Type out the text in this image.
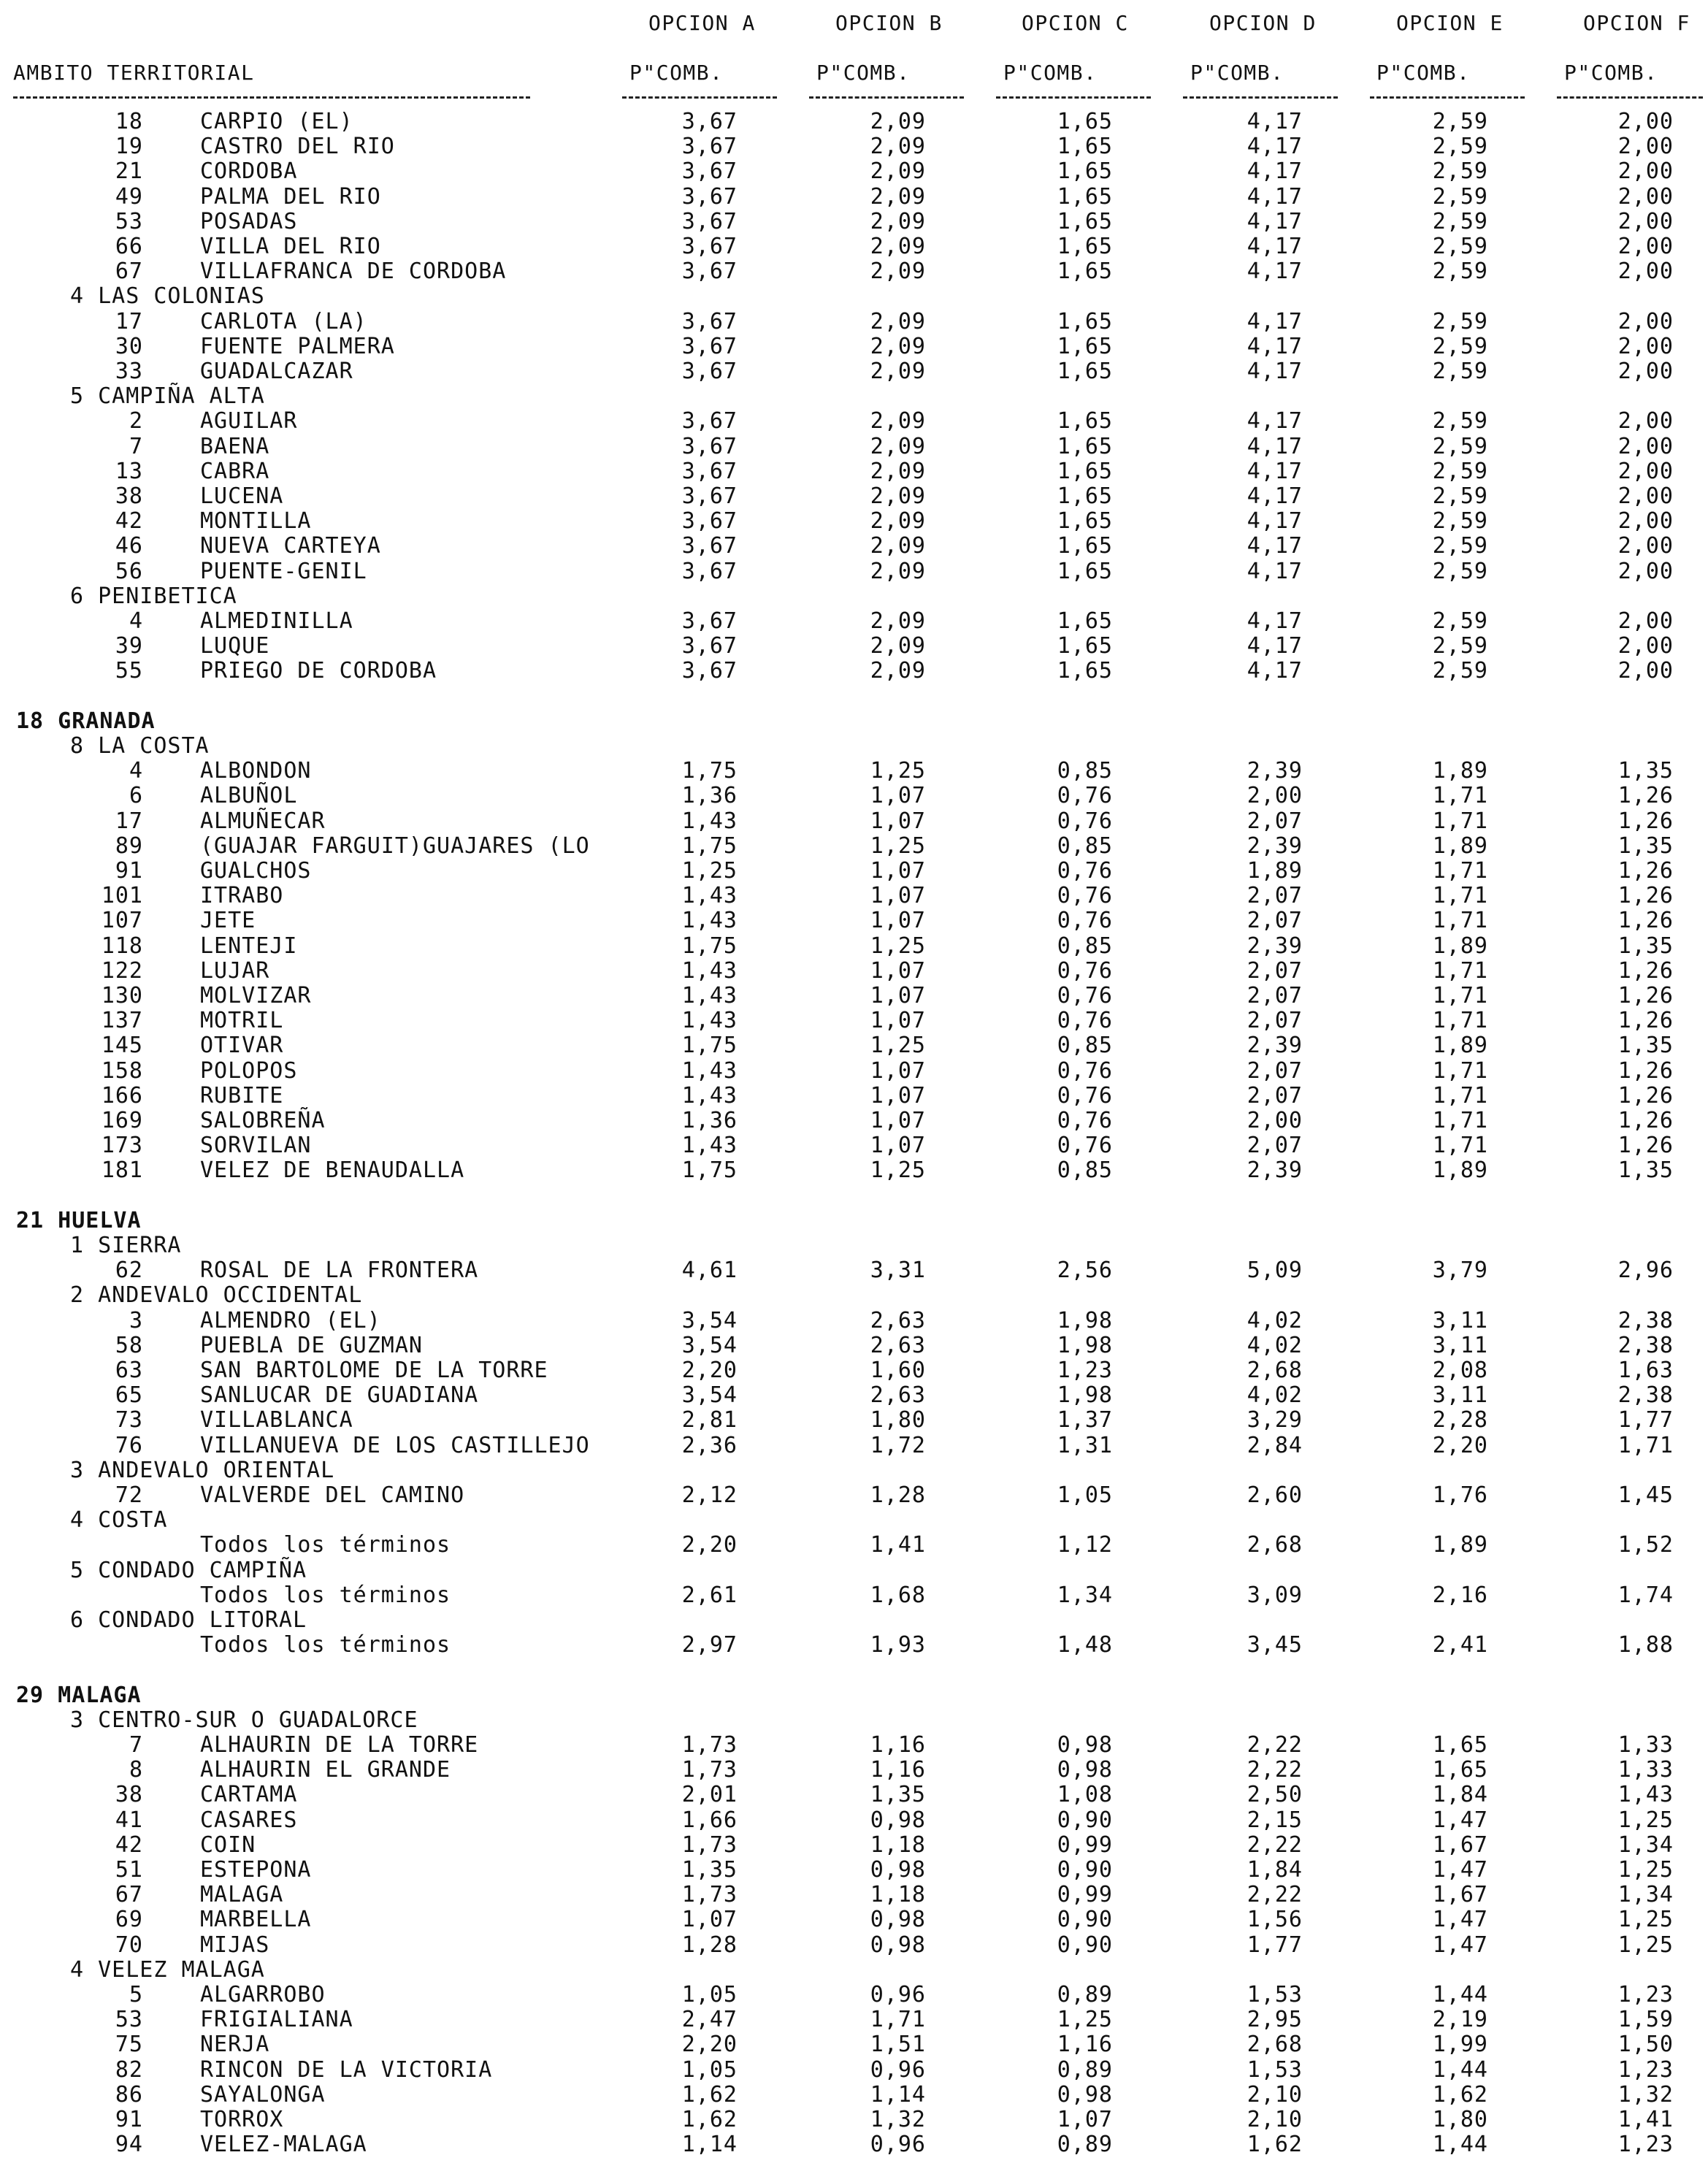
OPCION A	OPCION B	OPCION C	OPCION D	OPCION E	OPCION F
AMBITO TERRITORIAL	P"COMB.	P"COMB.	P"COMB.	P"COMB.	P"COMB.	P"COMB.
18	CARPIO (EL)	3,67	2,09	1,65	4,17	2,59	2,00
19	CASTRO DEL RIO	3,67	2,09	1,65	4,17	2,59	2,00
21	CORDOBA	3,67	2,09	1,65	4,17	2,59	2,00
49	PALMA DEL RIO	3,67	2,09	1,65	4,17	2,59	2,00
53	POSADAS	3,67	2,09	1,65	4,17	2,59	2,00
66	VILLA DEL RIO	3,67	2,09	1,65	4,17	2,59	2,00
67	VILLAFRANCA DE CORDOBA	3,67	2,09	1,65	4,17	2,59	2,00
4 LAS COLONIAS
17	CARLOTA (LA)	3,67	2,09	1,65	4,17	2,59	2,00
30	FUENTE PALMERA	3,67	2,09	1,65	4,17	2,59	2,00
33	GUADALCAZAR	3,67	2,09	1,65	4,17	2,59	2,00
5 CAMPIÑA ALTA
2	AGUILAR	3,67	2,09	1,65	4,17	2,59	2,00
7	BAENA	3,67	2,09	1,65	4,17	2,59	2,00
13	CABRA	3,67	2,09	1,65	4,17	2,59	2,00
38	LUCENA	3,67	2,09	1,65	4,17	2,59	2,00
42	MONTILLA	3,67	2,09	1,65	4,17	2,59	2,00
46	NUEVA CARTEYA	3,67	2,09	1,65	4,17	2,59	2,00
56	PUENTE-GENIL	3,67	2,09	1,65	4,17	2,59	2,00
6 PENIBETICA
4	ALMEDINILLA	3,67	2,09	1,65	4,17	2,59	2,00
39	LUQUE	3,67	2,09	1,65	4,17	2,59	2,00
55	PRIEGO DE CORDOBA	3,67	2,09	1,65	4,17	2,59	2,00
18 GRANADA
8 LA COSTA
4	ALBONDON	1,75	1,25	0,85	2,39	1,89	1,35
6	ALBUÑOL	1,36	1,07	0,76	2,00	1,71	1,26
17	ALMUÑECAR	1,43	1,07	0,76	2,07	1,71	1,26
89	(GUAJAR FARGUIT)GUAJARES (LO	1,75	1,25	0,85	2,39	1,89	1,35
91	GUALCHOS	1,25	1,07	0,76	1,89	1,71	1,26
101	ITRABO	1,43	1,07	0,76	2,07	1,71	1,26
107	JETE	1,43	1,07	0,76	2,07	1,71	1,26
118	LENTEJI	1,75	1,25	0,85	2,39	1,89	1,35
122	LUJAR	1,43	1,07	0,76	2,07	1,71	1,26
130	MOLVIZAR	1,43	1,07	0,76	2,07	1,71	1,26
137	MOTRIL	1,43	1,07	0,76	2,07	1,71	1,26
145	OTIVAR	1,75	1,25	0,85	2,39	1,89	1,35
158	POLOPOS	1,43	1,07	0,76	2,07	1,71	1,26
166	RUBITE	1,43	1,07	0,76	2,07	1,71	1,26
169	SALOBREÑA	1,36	1,07	0,76	2,00	1,71	1,26
173	SORVILAN	1,43	1,07	0,76	2,07	1,71	1,26
181	VELEZ DE BENAUDALLA	1,75	1,25	0,85	2,39	1,89	1,35
21 HUELVA
1 SIERRA
62	ROSAL DE LA FRONTERA	4,61	3,31	2,56	5,09	3,79	2,96
2 ANDEVALO OCCIDENTAL
3	ALMENDRO (EL)	3,54	2,63	1,98	4,02	3,11	2,38
58	PUEBLA DE GUZMAN	3,54	2,63	1,98	4,02	3,11	2,38
63	SAN BARTOLOME DE LA TORRE	2,20	1,60	1,23	2,68	2,08	1,63
65	SANLUCAR DE GUADIANA	3,54	2,63	1,98	4,02	3,11	2,38
73	VILLABLANCA	2,81	1,80	1,37	3,29	2,28	1,77
76	VILLANUEVA DE LOS CASTILLEJO	2,36	1,72	1,31	2,84	2,20	1,71
3 ANDEVALO ORIENTAL
72	VALVERDE DEL CAMINO	2,12	1,28	1,05	2,60	1,76	1,45
4 COSTA
Todos los términos	2,20	1,41	1,12	2,68	1,89	1,52
5 CONDADO CAMPIÑA
Todos los términos	2,61	1,68	1,34	3,09	2,16	1,74
6 CONDADO LITORAL
Todos los términos	2,97	1,93	1,48	3,45	2,41	1,88
29 MALAGA
3 CENTRO-SUR O GUADALORCE
7	ALHAURIN DE LA TORRE	1,73	1,16	0,98	2,22	1,65	1,33
8	ALHAURIN EL GRANDE	1,73	1,16	0,98	2,22	1,65	1,33
38	CARTAMA	2,01	1,35	1,08	2,50	1,84	1,43
41	CASARES	1,66	0,98	0,90	2,15	1,47	1,25
42	COIN	1,73	1,18	0,99	2,22	1,67	1,34
51	ESTEPONA	1,35	0,98	0,90	1,84	1,47	1,25
67	MALAGA	1,73	1,18	0,99	2,22	1,67	1,34
69	MARBELLA	1,07	0,98	0,90	1,56	1,47	1,25
70	MIJAS	1,28	0,98	0,90	1,77	1,47	1,25
4 VELEZ MALAGA
5	ALGARROBO	1,05	0,96	0,89	1,53	1,44	1,23
53	FRIGIALIANA	2,47	1,71	1,25	2,95	2,19	1,59
75	NERJA	2,20	1,51	1,16	2,68	1,99	1,50
82	RINCON DE LA VICTORIA	1,05	0,96	0,89	1,53	1,44	1,23
86	SAYALONGA	1,62	1,14	0,98	2,10	1,62	1,32
91	TORROX	1,62	1,32	1,07	2,10	1,80	1,41
94	VELEZ-MALAGA	1,14	0,96	0,89	1,62	1,44	1,23
